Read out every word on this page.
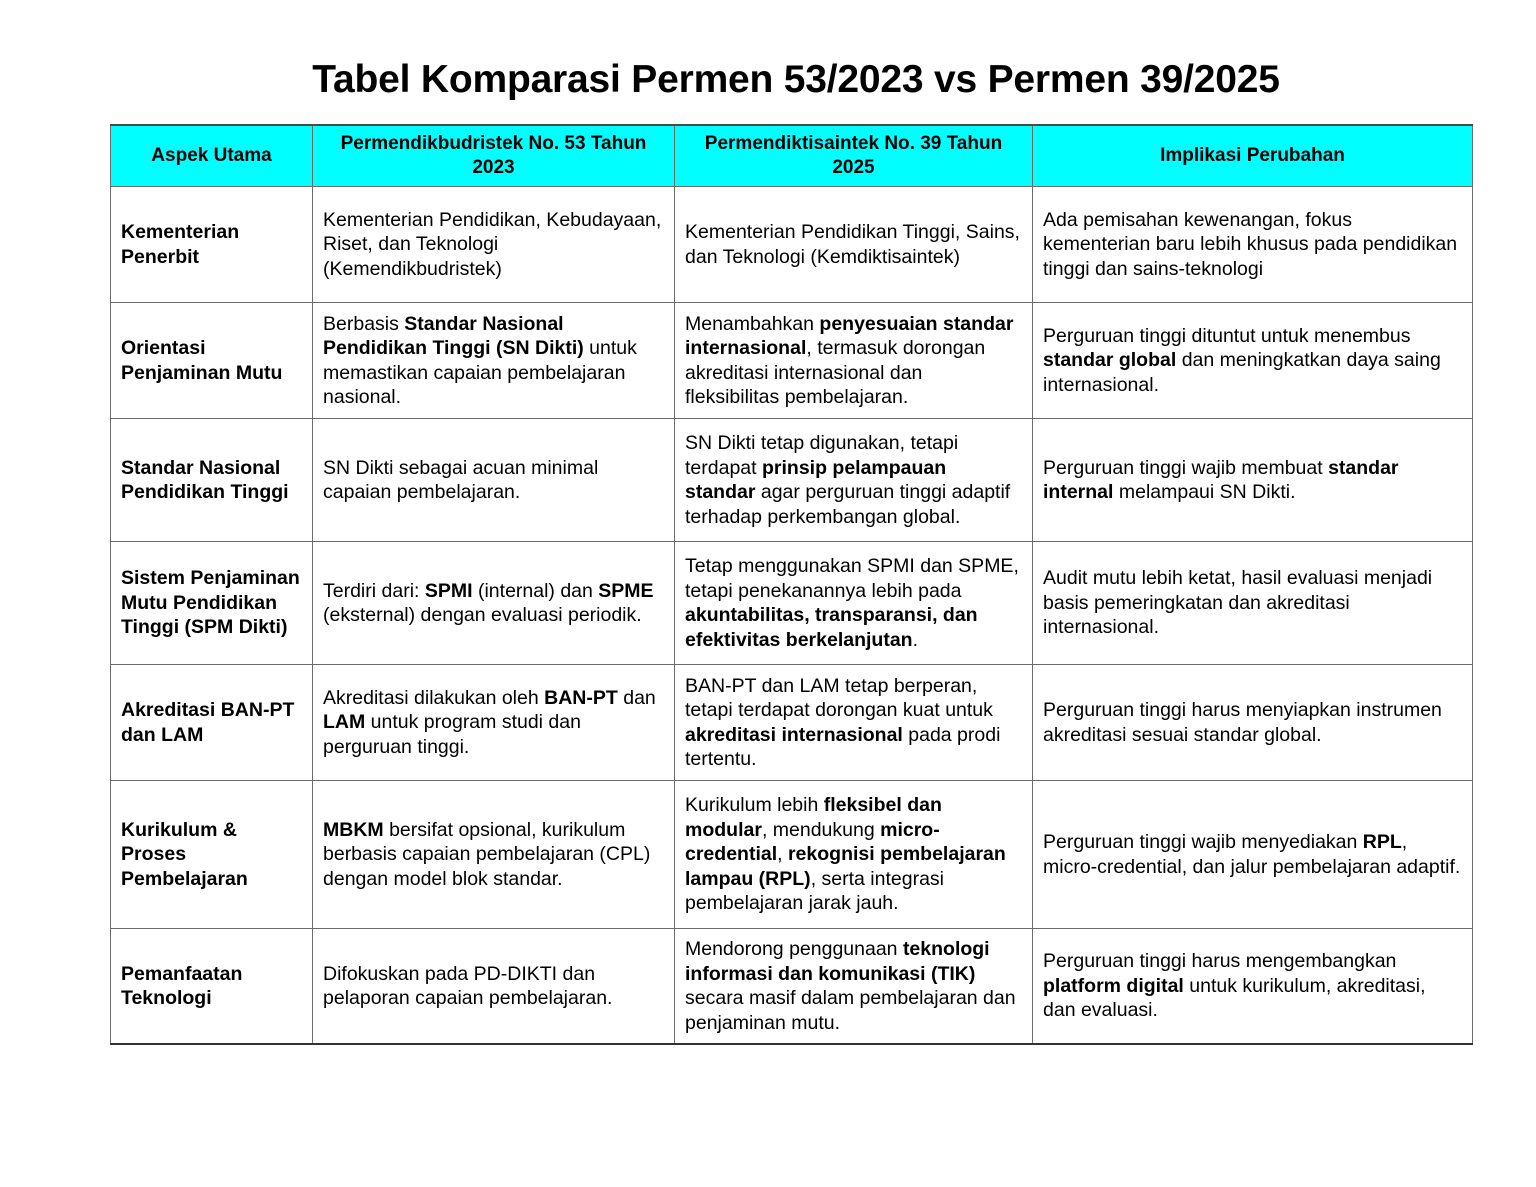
Tabel Komparasi Permen 53/2023 vs Permen 39/2025
Aspek Utama	Permendikbudristek No. 53 Tahun 2023	Permendiktisaintek No. 39 Tahun 2025	Implikasi Perubahan
Kementerian Penerbit	Kementerian Pendidikan, Kebudayaan, Riset, dan Teknologi (Kemendikbudristek)	Kementerian Pendidikan Tinggi, Sains, dan Teknologi (Kemdiktisaintek)	Ada pemisahan kewenangan, fokus kementerian baru lebih khusus pada pendidikan tinggi dan sains-teknologi
Orientasi Penjaminan Mutu	Berbasis Standar Nasional Pendidikan Tinggi (SN Dikti) untuk memastikan capaian pembelajaran nasional.	Menambahkan penyesuaian standar internasional, termasuk dorongan akreditasi internasional dan fleksibilitas pembelajaran.	Perguruan tinggi dituntut untuk menembus standar global dan meningkatkan daya saing internasional.
Standar Nasional Pendidikan Tinggi	SN Dikti sebagai acuan minimal capaian pembelajaran.	SN Dikti tetap digunakan, tetapi terdapat prinsip pelampauan standar agar perguruan tinggi adaptif terhadap perkembangan global.	Perguruan tinggi wajib membuat standar internal melampaui SN Dikti.
Sistem Penjaminan Mutu Pendidikan Tinggi (SPM Dikti)	Terdiri dari: SPMI (internal) dan SPME (eksternal) dengan evaluasi periodik.	Tetap menggunakan SPMI dan SPME, tetapi penekanannya lebih pada akuntabilitas, transparansi, dan efektivitas berkelanjutan.	Audit mutu lebih ketat, hasil evaluasi menjadi basis pemeringkatan dan akreditasi internasional.
Akreditasi BAN-PT dan LAM	Akreditasi dilakukan oleh BAN-PT dan LAM untuk program studi dan perguruan tinggi.	BAN-PT dan LAM tetap berperan, tetapi terdapat dorongan kuat untuk akreditasi internasional pada prodi tertentu.	Perguruan tinggi harus menyiapkan instrumen akreditasi sesuai standar global.
Kurikulum & Proses Pembelajaran	MBKM bersifat opsional, kurikulum berbasis capaian pembelajaran (CPL) dengan model blok standar.	Kurikulum lebih fleksibel dan modular, mendukung micro-credential, rekognisi pembelajaran lampau (RPL), serta integrasi pembelajaran jarak jauh.	Perguruan tinggi wajib menyediakan RPL, micro-credential, dan jalur pembelajaran adaptif.
Pemanfaatan Teknologi	Difokuskan pada PD-DIKTI dan pelaporan capaian pembelajaran.	Mendorong penggunaan teknologi informasi dan komunikasi (TIK) secara masif dalam pembelajaran dan penjaminan mutu.	Perguruan tinggi harus mengembangkan platform digital untuk kurikulum, akreditasi, dan evaluasi.
